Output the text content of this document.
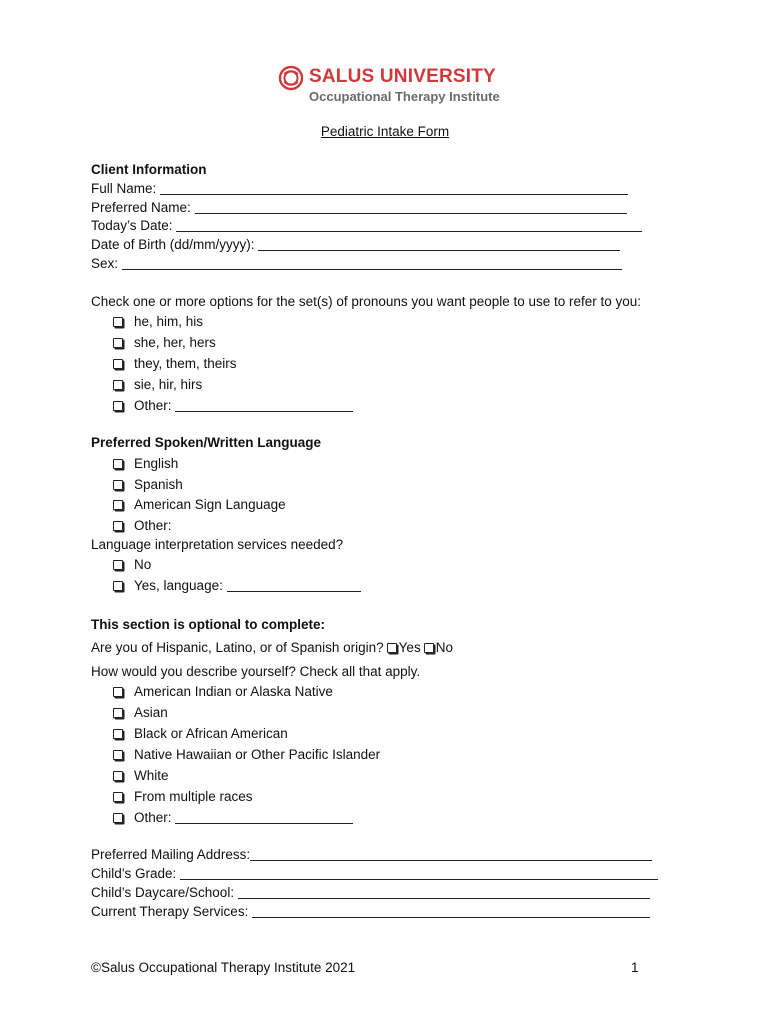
SALUS UNIVERSITY
Occupational Therapy Institute
Pediatric Intake Form
Client Information
Full Name:
Preferred Name:
Today’s Date:
Date of Birth (dd/mm/yyyy):
Sex:
Check one or more options for the set(s) of pronouns you want people to use to refer to you:
he, him, his
she, her, hers
they, them, theirs
sie, hir, hirs
Other:
Preferred Spoken/Written Language
English
Spanish
American Sign Language
Other:
Language interpretation services needed?
No
Yes, language:
This section is optional to complete:
Are you of Hispanic, Latino, or of Spanish origin? Yes No
How would you describe yourself? Check all that apply.
American Indian or Alaska Native
Asian
Black or African American
Native Hawaiian or Other Pacific Islander
White
From multiple races
Other:
Preferred Mailing Address:
Child’s Grade:
Child’s Daycare/School:
Current Therapy Services:
©Salus Occupational Therapy Institute 2021	1
